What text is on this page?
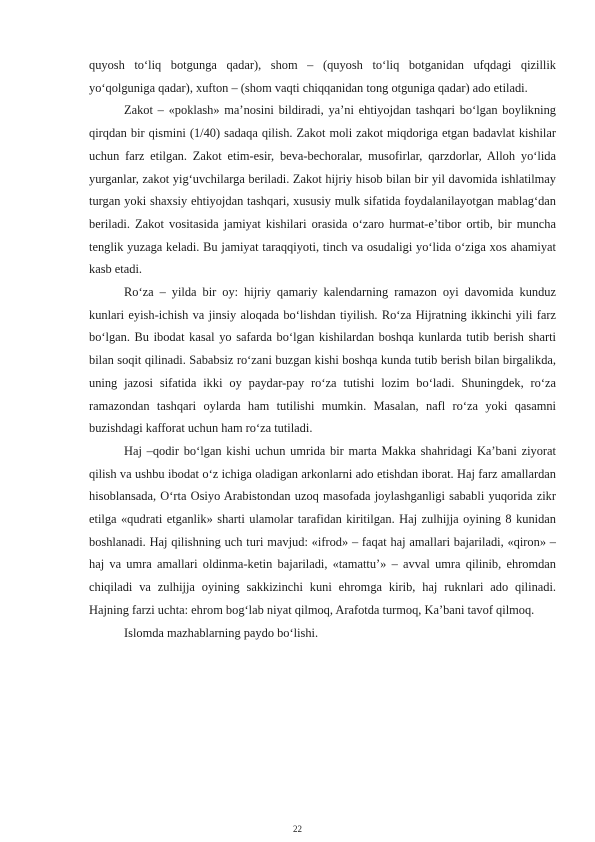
quyosh to‘liq botgunga qadar), shom – (quyosh to‘liq botganidan ufqdagi qizillik yo‘qolguniga qadar), xufton – (shom vaqti chiqqanidan tong otguniga qadar) ado etiladi.

Zakot – «poklash» ma’nosini bildiradi, ya’ni ehtiyojdan tashqari bo‘lgan boylikning qirqdan bir qismini (1/40) sadaqa qilish. Zakot moli zakot miqdoriga etgan badavlat kishilar uchun farz etilgan. Zakot etim-esir, beva-bechoralar, musofirlar, qarzdorlar, Alloh yo‘lida yurganlar, zakot yig‘uvchilarga beriladi. Zakot hijriy hisob bilan bir yil davomida ishlatilmay turgan yoki shaxsiy ehtiyojdan tashqari, xususiy mulk sifatida foydalanilayotgan mablag‘dan beriladi. Zakot vositasida jamiyat kishilari orasida o‘zaro hurmat-e’tibor ortib, bir muncha tenglik yuzaga keladi. Bu jamiyat taraqqiyoti, tinch va osudaligi yo‘lida o‘ziga xos ahamiyat kasb etadi.

Ro‘za – yilda bir oy: hijriy qamariy kalendarning ramazon oyi davomida kunduz kunlari eyish-ichish va jinsiy aloqada bo‘lishdan tiyilish. Ro‘za Hijratning ikkinchi yili farz bo‘lgan. Bu ibodat kasal yo safarda bo‘lgan kishilardan boshqa kunlarda tutib berish sharti bilan soqit qilinadi. Sababsiz ro‘zani buzgan kishi boshqa kunda tutib berish bilan birgalikda, uning jazosi sifatida ikki oy paydar-pay ro‘za tutishi lozim bo‘ladi. Shuningdek, ro‘za ramazondan tashqari oylarda ham tutilishi mumkin. Masalan, nafl ro‘za yoki qasamni buzishdagi kafforat uchun ham ro‘za tutiladi.

Haj –qodir bo‘lgan kishi uchun umrida bir marta Makka shahridagi Ka’bani ziyorat qilish va ushbu ibodat o‘z ichiga oladigan arkonlarni ado etishdan iborat. Haj farz amallardan hisoblansada, O‘rta Osiyo Arabistondan uzoq masofada joylashganligi sababli yuqorida zikr etilga «qudrati etganlik» sharti ulamolar tarafidan kiritilgan. Haj zulhijja oyining 8 kunidan boshlanadi. Haj qilishning uch turi mavjud: «ifrod» – faqat haj amallari bajariladi, «qiron» – haj va umra amallari oldinma-ketin bajariladi, «tamattu’» – avval umra qilinib, ehromdan chiqiladi va zulhijja oyining sakkizinchi kuni ehromga kirib, haj ruknlari ado qilinadi. Hajning farzi uchta: ehrom bog‘lab niyat qilmoq, Arafotda turmoq, Ka’bani tavof qilmoq.

Islomda mazhablarning paydo bo‘lishi.

22
